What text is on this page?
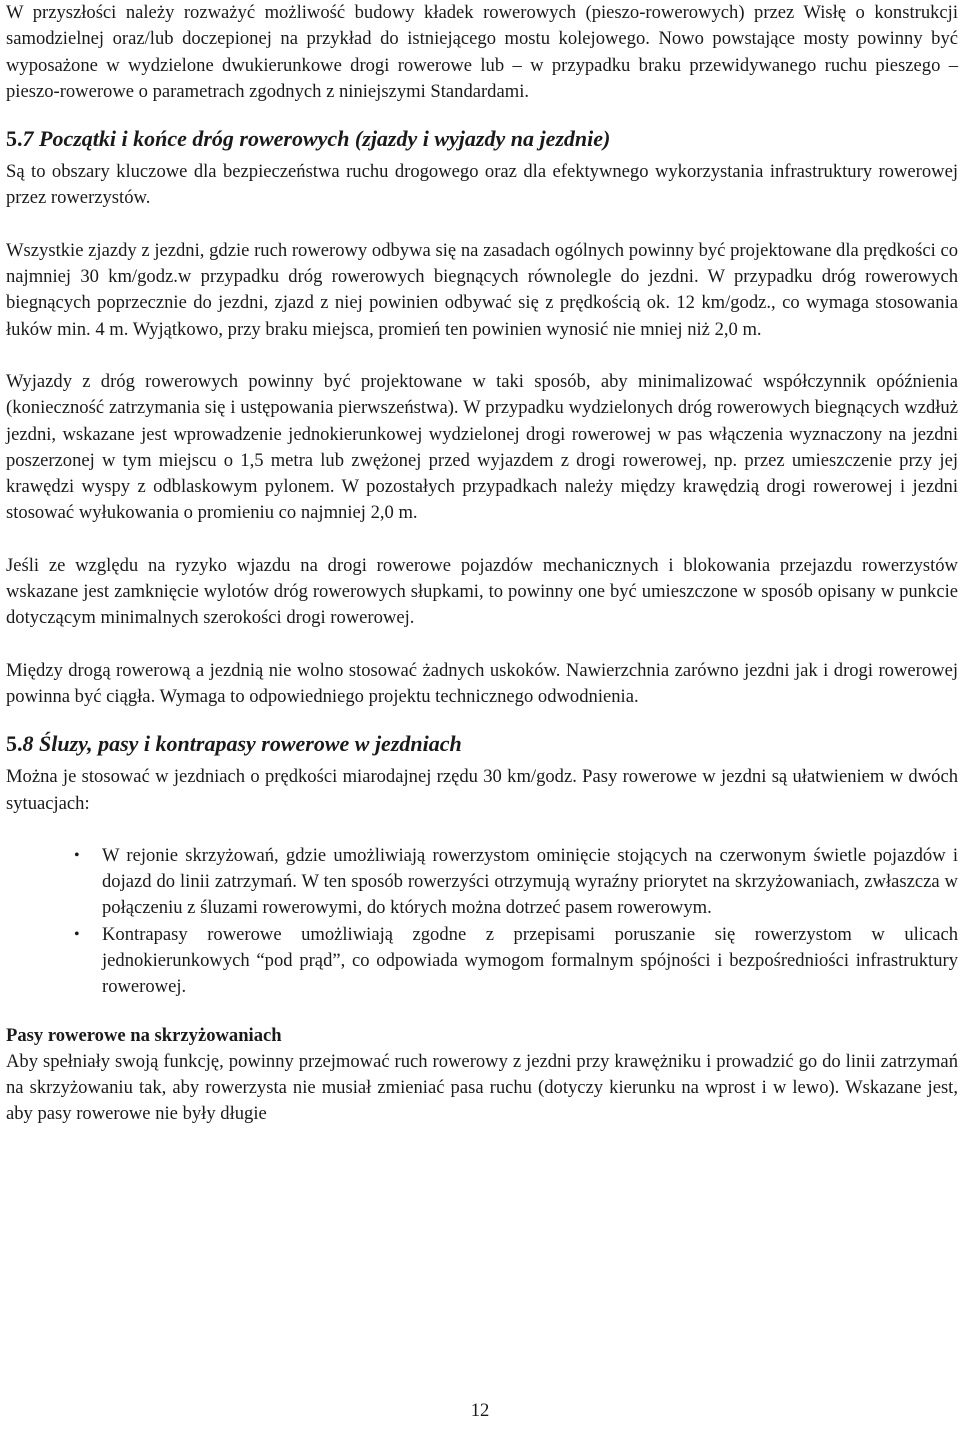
W przyszłości należy rozważyć możliwość budowy kładek rowerowych (pieszo-rowerowych) przez Wisłę o konstrukcji samodzielnej oraz/lub doczepionej na przykład do istniejącego mostu kolejowego. Nowo powstające mosty powinny być wyposażone w wydzielone dwukierunkowe drogi rowerowe lub – w przypadku braku przewidywanego ruchu pieszego – pieszo-rowerowe o parametrach zgodnych z niniejszymi Standardami.

5.7 Początki i końce dróg rowerowych (zjazdy i wyjazdy na jezdnie)

Są to obszary kluczowe dla bezpieczeństwa ruchu drogowego oraz dla efektywnego wykorzystania infrastruktury rowerowej przez rowerzystów.

Wszystkie zjazdy z jezdni, gdzie ruch rowerowy odbywa się na zasadach ogólnych powinny być projektowane dla prędkości co najmniej 30 km/godz.w przypadku dróg rowerowych biegnących równolegle do jezdni. W przypadku dróg rowerowych biegnących poprzecznie do jezdni, zjazd z niej powinien odbywać się z prędkością ok. 12 km/godz., co wymaga stosowania łuków min. 4 m. Wyjątkowo, przy braku miejsca, promień ten powinien wynosić nie mniej niż 2,0 m.

Wyjazdy z dróg rowerowych powinny być projektowane w taki sposób, aby minimalizować współczynnik opóźnienia (konieczność zatrzymania się i ustępowania pierwszeństwa). W przypadku wydzielonych dróg rowerowych biegnących wzdłuż jezdni, wskazane jest wprowadzenie jednokierunkowej wydzielonej drogi rowerowej w pas włączenia wyznaczony na jezdni poszerzonej w tym miejscu o 1,5 metra lub zwężonej przed wyjazdem z drogi rowerowej, np. przez umieszczenie przy jej krawędzi wyspy z odblaskowym pylonem. W pozostałych przypadkach należy między krawędzią drogi rowerowej i jezdni stosować wyłukowania o promieniu co najmniej 2,0 m.

Jeśli ze względu na ryzyko wjazdu na drogi rowerowe pojazdów mechanicznych i blokowania przejazdu rowerzystów wskazane jest zamknięcie wylotów dróg rowerowych słupkami, to powinny one być umieszczone w sposób opisany w punkcie dotyczącym minimalnych szerokości drogi rowerowej.

Między drogą rowerową a jezdnią nie wolno stosować żadnych uskoków. Nawierzchnia zarówno jezdni jak i drogi rowerowej powinna być ciągła. Wymaga to odpowiedniego projektu technicznego odwodnienia.

5.8 Śluzy, pasy i kontrapasy rowerowe w jezdniach

Można je stosować w jezdniach o prędkości miarodajnej rzędu 30 km/godz. Pasy rowerowe w jezdni są ułatwieniem w dwóch sytuacjach:

• W rejonie skrzyżowań, gdzie umożliwiają rowerzystom ominięcie stojących na czerwonym świetle pojazdów i dojazd do linii zatrzymań. W ten sposób rowerzyści otrzymują wyraźny priorytet na skrzyżowaniach, zwłaszcza w połączeniu z śluzami rowerowymi, do których można dotrzeć pasem rowerowym.
• Kontrapasy rowerowe umożliwiają zgodne z przepisami poruszanie się rowerzystom w ulicach jednokierunkowych “pod prąd”, co odpowiada wymogom formalnym spójności i bezpośredniości infrastruktury rowerowej.
Pasy rowerowe na skrzyżowaniach

Aby spełniały swoją funkcję, powinny przejmować ruch rowerowy z jezdni przy krawężniku i prowadzić go do linii zatrzymań na skrzyżowaniu tak, aby rowerzysta nie musiał zmieniać pasa ruchu (dotyczy kierunku na wprost i w lewo). Wskazane jest, aby pasy rowerowe nie były długie

12
